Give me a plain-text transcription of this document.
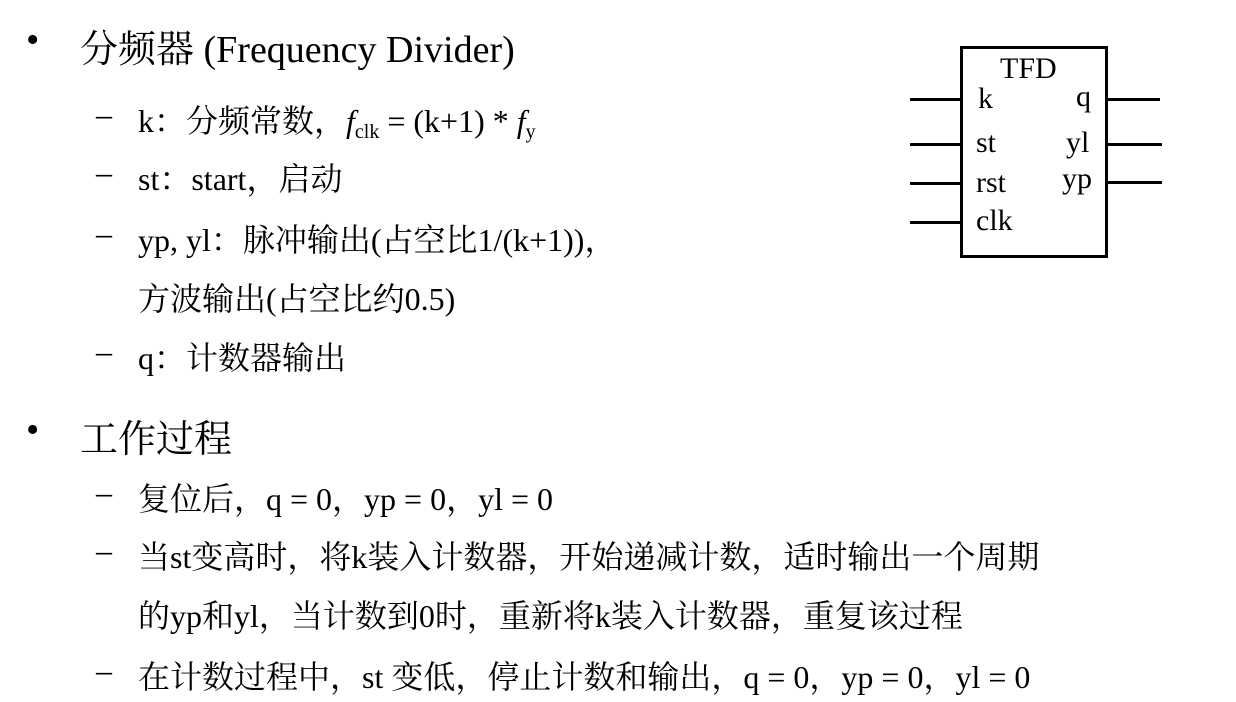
• 分频器 (Frequency Divider)
– k：分频常数，$f_{clk} = (k+1) * f_y$
– st：start，启动
– yp, yl：脉冲输出(占空比1/(k+1))，
方波输出(占空比约0.5)
– q：计数器输出
• 工作过程
– 复位后，q = 0，yp = 0，yl = 0
– 当st变高时，将k装入计数器，开始递减计数，适时输出一个周期
的yp和yl，当计数到0时，重新将k装入计数器，重复该过程
– 在计数过程中，st 变低，停止计数和输出，q = 0，yp = 0，yl = 0
TFD
k
st
rst
clk
q
yl
yp
